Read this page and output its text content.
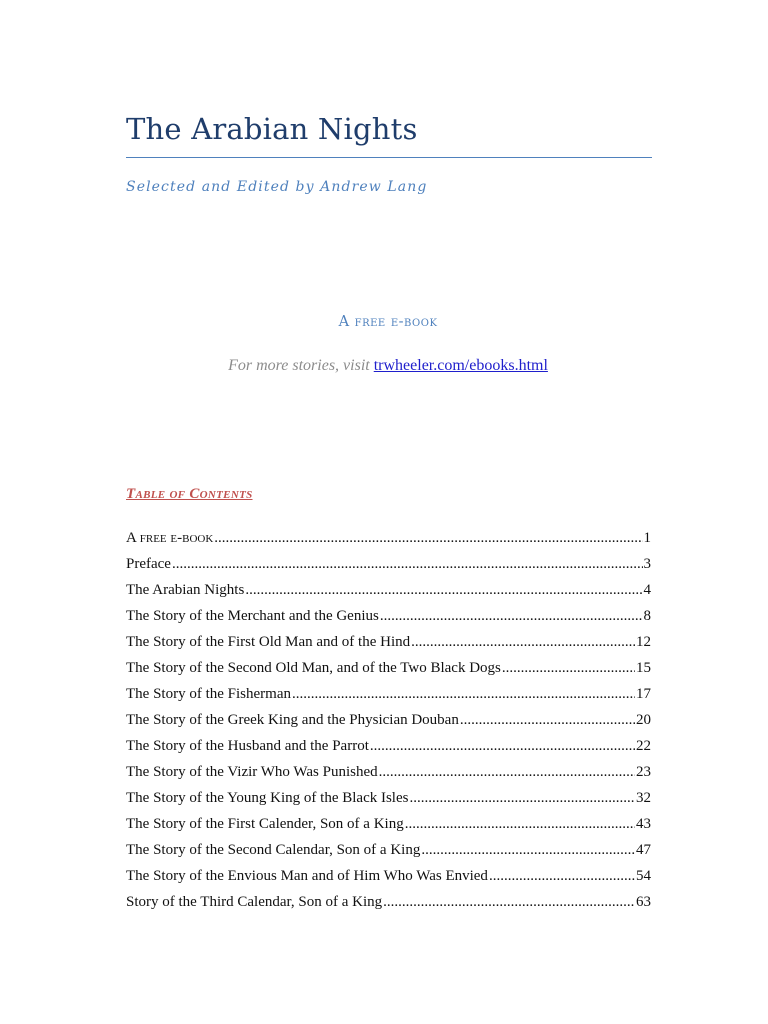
The Arabian Nights

Selected and Edited by Andrew Lang

A free e-book
For more stories, visit trwheeler.com/ebooks.html
Table of Contents
A free e-book .....	1
Preface .....	3
The Arabian Nights .....	4
The Story of the Merchant and the Genius .....	8
The Story of the First Old Man and of the Hind .....	12
The Story of the Second Old Man, and of the Two Black Dogs .....	15
The Story of the Fisherman .....	17
The Story of the Greek King and the Physician Douban .....	20
The Story of the Husband and the Parrot .....	22
The Story of the Vizir Who Was Punished .....	23
The Story of the Young King of the Black Isles .....	32
The Story of the First Calender, Son of a King .....	43
The Story of the Second Calendar, Son of a King .....	47
The Story of the Envious Man and of Him Who Was Envied .....	54
Story of the Third Calendar, Son of a King .....	63
